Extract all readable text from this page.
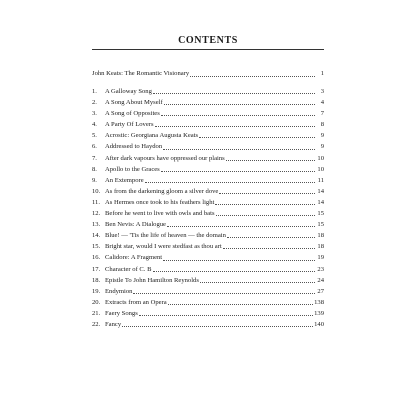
CONTENTS
John Keats: The Romantic Visionary	1
1.	A Galloway Song	3
2.	A Song About Myself	4
3.	A Song of Opposites	7
4.	A Party Of Lovers	8
5.	Acrostic: Georgiana Augusta Keats	9
6.	Addressed to Haydon	9
7.	After dark vapours have oppressed our plains	10
8.	Apollo to the Graces	10
9.	An Extempore	11
10. As from the darkening gloom a silver dove	14
11. As Hermes once took to his feathers light	14
12. Before he went to live with owls and bats	15
13. Ben Nevis: A Dialogue	15
14. Blue! — 'Tis the life of heaven — the domain	18
15. Bright star, would I were stedfast as thou art	18
16. Calidore: A Fragment	19
17. Character of C. B	23
18. Epistle To John Hamilton Reynolds	24
19. Endymion	27
20. Extracts from an Opera	138
21. Faery Songs	139
22. Fancy	140
